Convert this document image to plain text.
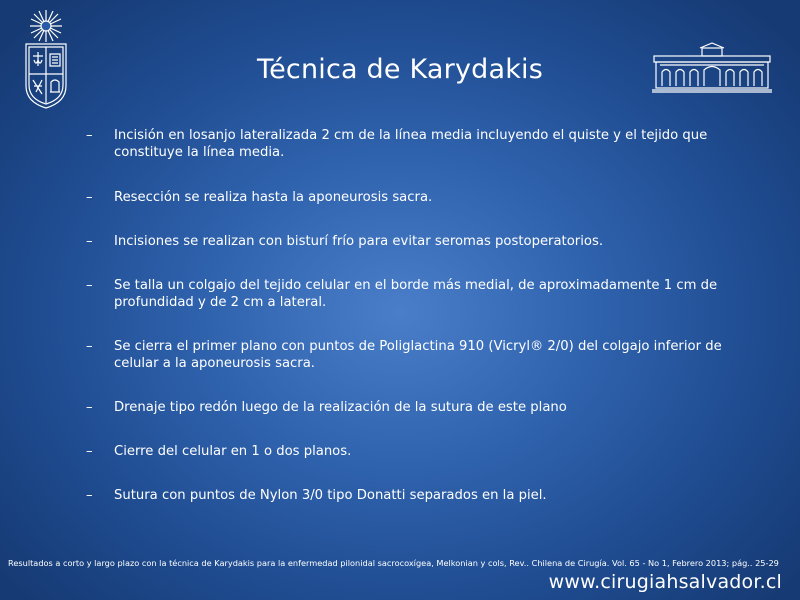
Técnica de Karydakis
– Incisión en losanjo lateralizada 2 cm de la línea media incluyendo el quiste y el tejido que constituye la línea media.
– Resección se realiza hasta la aponeurosis sacra.
– Incisiones se realizan con bisturí frío para evitar seromas postoperatorios.
– Se talla un colgajo del tejido celular en el borde más medial, de aproximadamente 1 cm de profundidad y de 2 cm a lateral.
– Se cierra el primer plano con puntos de Poliglactina 910 (Vicryl® 2/0) del colgajo inferior de celular a la aponeurosis sacra.
– Drenaje tipo redón luego de la realización de la sutura de este plano
– Cierre del celular en 1 o dos planos.
– Sutura con puntos de Nylon 3/0 tipo Donatti separados en la piel.
Resultados a corto y largo plazo con la técnica de Karydakis para la enfermedad pilonidal sacrocoxígea, Melkonian y cols, Rev.. Chilena de Cirugía. Vol. 65 - No 1, Febrero 2013; pág.. 25-29
www.cirugiahsalvador.cl
